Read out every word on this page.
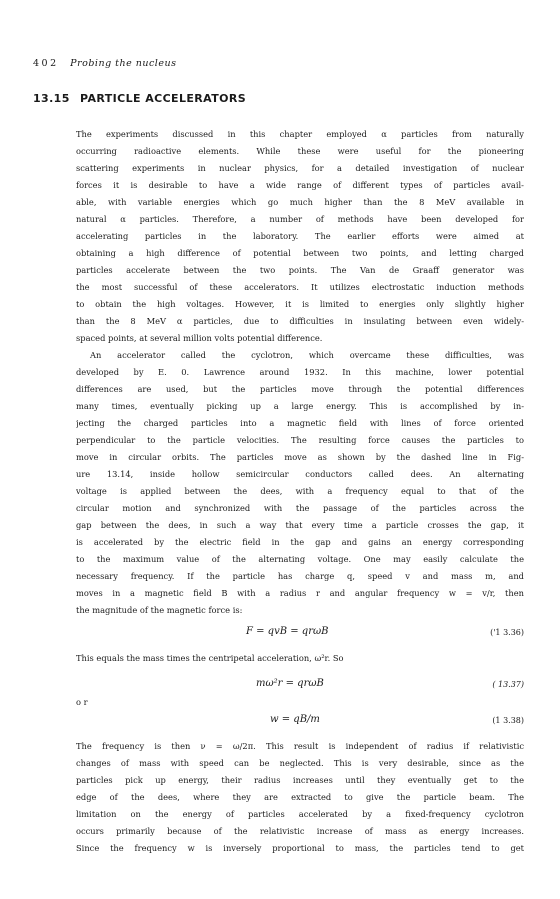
402 Probing the nucleus
13.15 PARTICLE ACCELERATORS
The experiments discussed in this chapter employed α particles from naturally
occurring radioactive elements. While these were useful for the pioneering
scattering experiments in nuclear physics, for a detailed investigation of nuclear
forces it is desirable to have a wide range of different types of particles avail-
able, with variable energies which go much higher than the 8 MeV available in
natural α particles. Therefore, a number of methods have been developed for
accelerating particles in the laboratory. The earlier efforts were aimed at
obtaining a high difference of potential between two points, and letting charged
particles accelerate between the two points. The Van de Graaff generator was
the most successful of these accelerators. It utilizes electrostatic induction methods
to obtain the high voltages. However, it is limited to energies only slightly higher
than the 8 MeV α particles, due to difficulties in insulating between even widely-
spaced points, at several million volts potential difference.
An accelerator called the cyclotron, which overcame these difficulties, was
developed by E. 0. Lawrence around 1932. In this machine, lower potential
differences are used, but the particles move through the potential differences
many times, eventually picking up a large energy. This is accomplished by in-
jecting the charged particles into a magnetic field with lines of force oriented
perpendicular to the particle velocities. The resulting force causes the particles to
move in circular orbits. The particles move as shown by the dashed line in Fig-
ure 13.14, inside hollow semicircular conductors called dees. An alternating
voltage is applied between the dees, with a frequency equal to that of the
circular motion and synchronized with the passage of the particles across the
gap between the dees, in such a way that every time a particle crosses the gap, it
is accelerated by the electric field in the gap and gains an energy corresponding
to the maximum value of the alternating voltage. One may easily calculate the
necessary frequency. If the particle has charge q, speed v and mass m, and
moves in a magnetic field B with a radius r and angular frequency w = v/r, then
the magnitude of the magnetic force is:
F = qvB = qrωB	('1 3.36)
This equals the mass times the centripetal acceleration, ω²r. So
mω²r = qrωB	( 13.37)
o r
w = qB/m	(1 3.38)
The frequency is then ν = ω/2π. This result is independent of radius if relativistic
changes of mass with speed can be neglected. This is very desirable, since as the
particles pick up energy, their radius increases until they eventually get to the
edge of the dees, where they are extracted to give the particle beam. The
limitation on the energy of particles accelerated by a fixed-frequency cyclotron
occurs primarily because of the relativistic increase of mass as energy increases.
Since the frequency w is inversely proportional to mass, the particles tend to get
